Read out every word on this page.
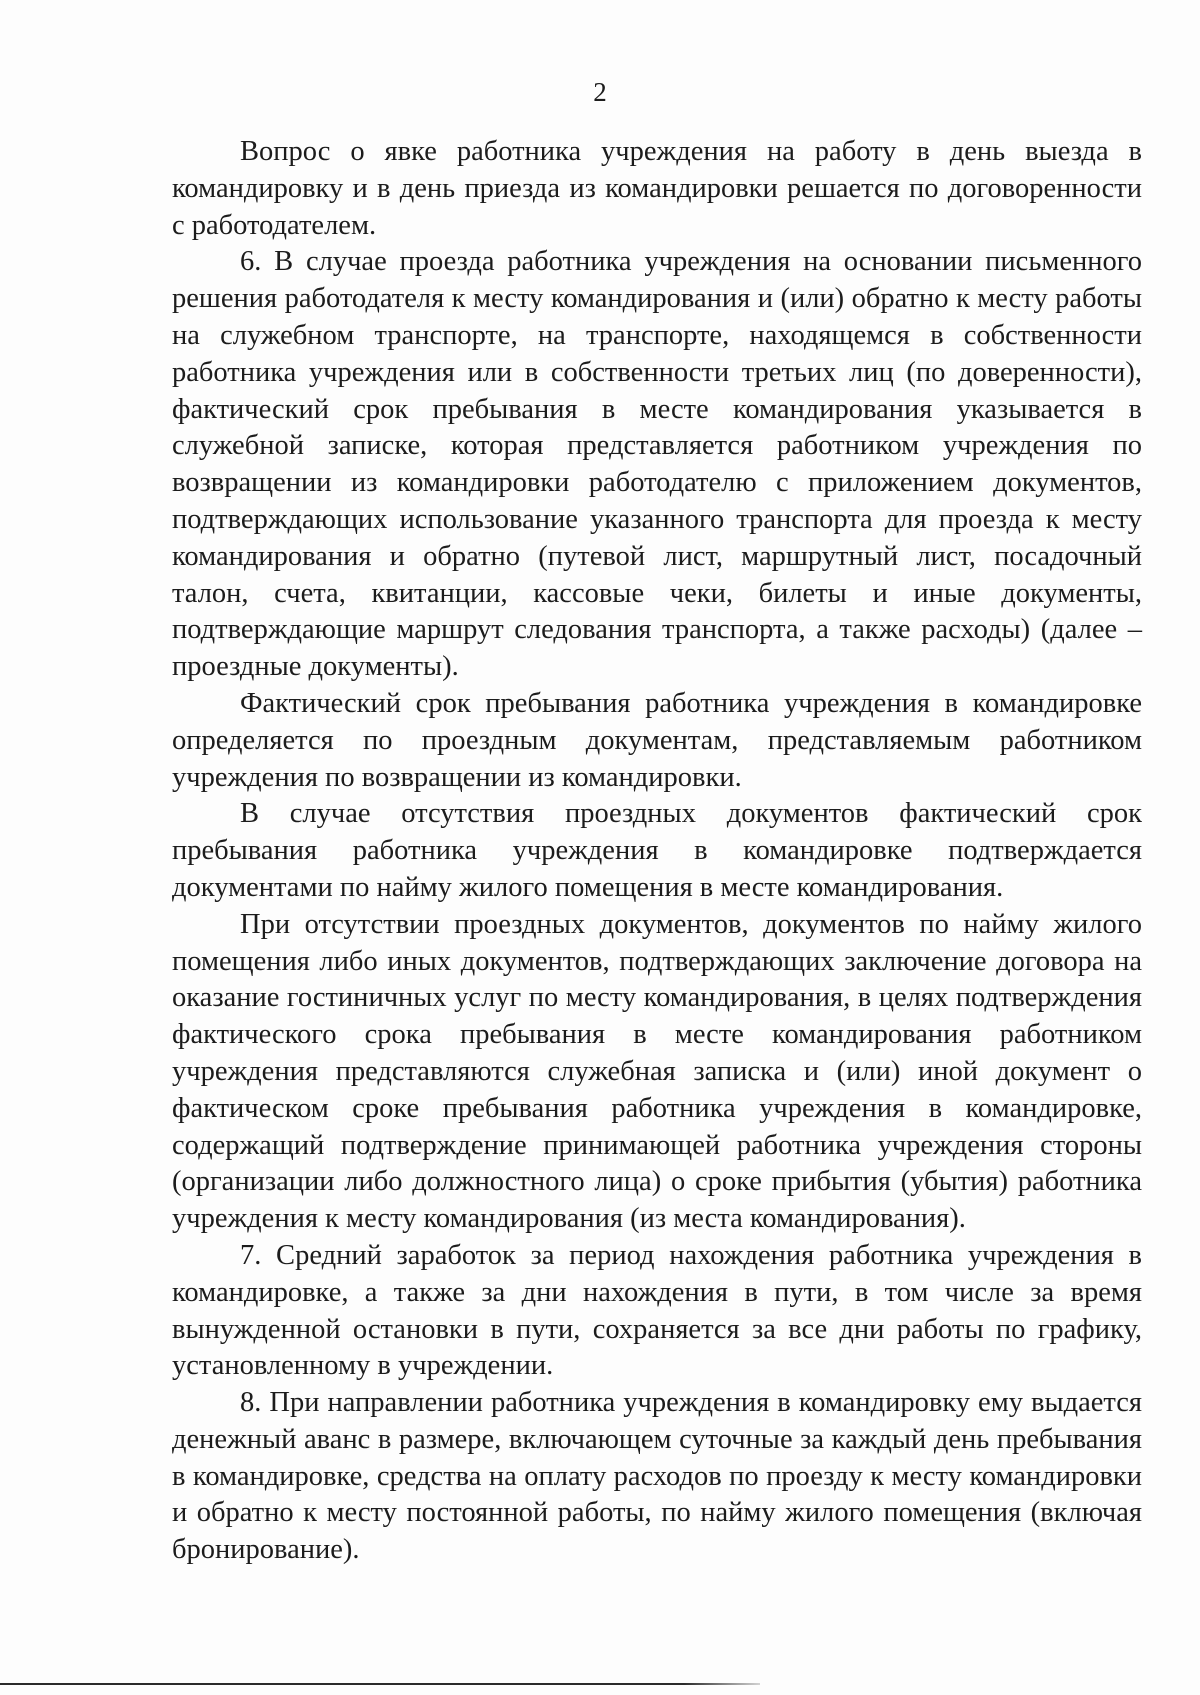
2

Вопрос о явке работника учреждения на работу в день выезда в командировку и в день приезда из командировки решается по договоренности с работодателем.

6. В случае проезда работника учреждения на основании письменного решения работодателя к месту командирования и (или) обратно к месту работы на служебном транспорте, на транспорте, находящемся в собственности работника учреждения или в собственности третьих лиц (по доверенности), фактический срок пребывания в месте командирования указывается в служебной записке, которая представляется работником учреждения по возвращении из командировки работодателю с приложением документов, подтверждающих использование указанного транспорта для проезда к месту командирования и обратно (путевой лист, маршрутный лист, посадочный талон, счета, квитанции, кассовые чеки, билеты и иные документы, подтверждающие маршрут следования транспорта, а также расходы) (далее – проездные документы).

Фактический срок пребывания работника учреждения в командировке определяется по проездным документам, представляемым работником учреждения по возвращении из командировки.

В случае отсутствия проездных документов фактический срок пребывания работника учреждения в командировке подтверждается документами по найму жилого помещения в месте командирования.

При отсутствии проездных документов, документов по найму жилого помещения либо иных документов, подтверждающих заключение договора на оказание гостиничных услуг по месту командирования, в целях подтверждения фактического срока пребывания в месте командирования работником учреждения представляются служебная записка и (или) иной документ о фактическом сроке пребывания работника учреждения в командировке, содержащий подтверждение принимающей работника учреждения стороны (организации либо должностного лица) о сроке прибытия (убытия) работника учреждения к месту командирования (из места командирования).

7. Средний заработок за период нахождения работника учреждения в командировке, а также за дни нахождения в пути, в том числе за время вынужденной остановки в пути, сохраняется за все дни работы по графику, установленному в учреждении.

8. При направлении работника учреждения в командировку ему выдается денежный аванс в размере, включающем суточные за каждый день пребывания в командировке, средства на оплату расходов по проезду к месту командировки и обратно к месту постоянной работы, по найму жилого помещения (включая бронирование).
